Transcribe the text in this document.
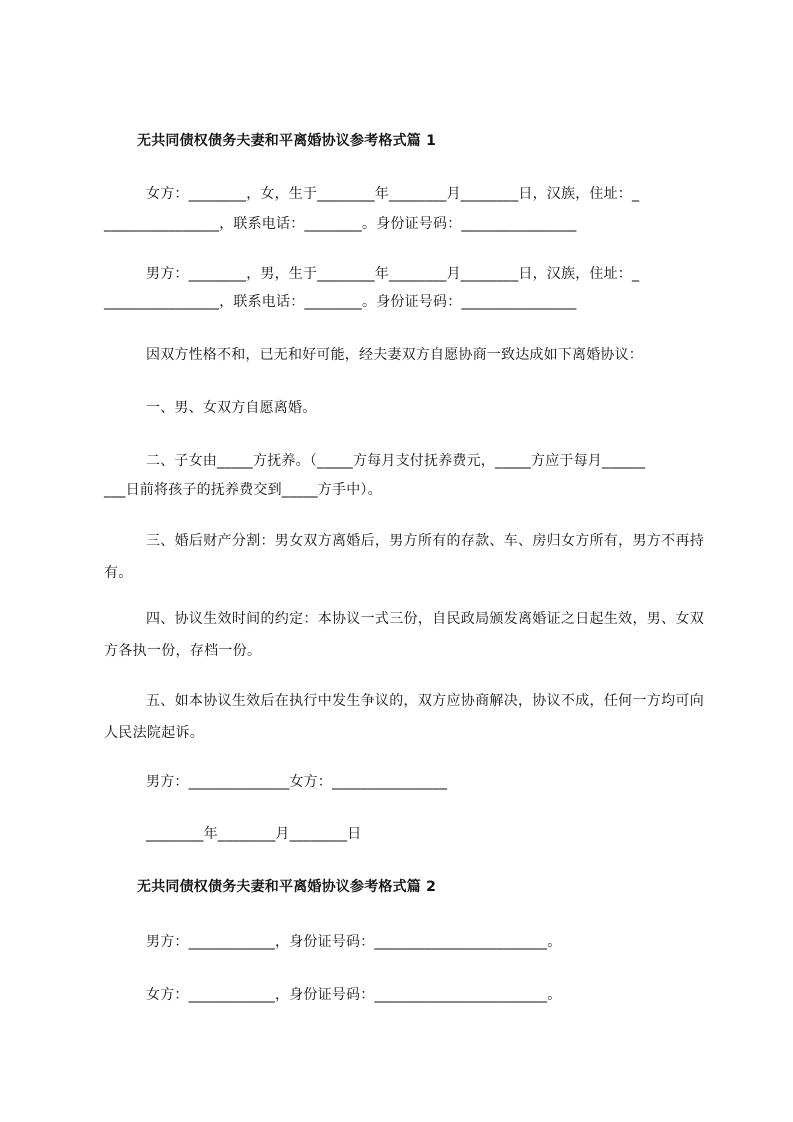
无共同债权债务夫妻和平离婚协议参考格式篇 1
女方：________，女，生于________年________月________日，汉族，住址：_
________________，联系电话：________。身份证号码：________________
男方：________，男，生于________年________月________日，汉族，住址：_
________________，联系电话：________。身份证号码：________________
因双方性格不和，已无和好可能，经夫妻双方自愿协商一致达成如下离婚协议：
一、男、女双方自愿离婚。
二、子女由_____方抚养。（_____方每月支付抚养费元，_____方应于每月______
___日前将孩子的抚养费交到_____方手中）。
三、婚后财产分割：男女双方离婚后，男方所有的存款、车、房归女方所有，男方不再持有。
四、协议生效时间的约定：本协议一式三份，自民政局颁发离婚证之日起生效，男、女双方各执一份，存档一份。
五、如本协议生效后在执行中发生争议的，双方应协商解决，协议不成，任何一方均可向人民法院起诉。
男方：______________女方：________________
________年________月________日
无共同债权债务夫妻和平离婚协议参考格式篇 2
男方：____________，身份证号码：________________________。
女方：____________，身份证号码：________________________。
